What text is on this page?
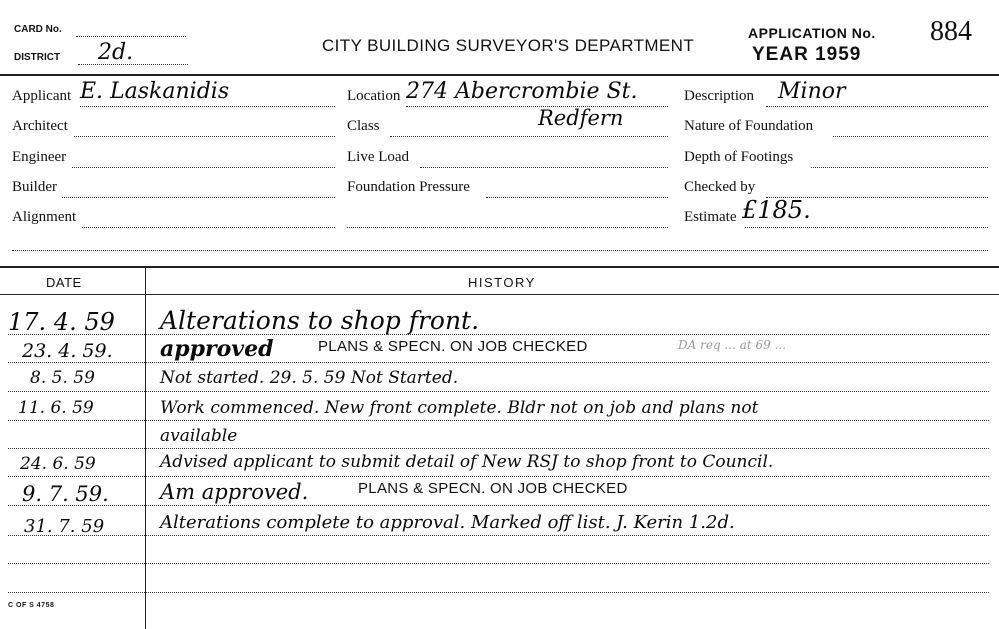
CARD No.
DISTRICT 2d.	CITY BUILDING SURVEYOR'S DEPARTMENT
APPLICATION No. 884
YEAR 1959
Applicant E. Laskanidis
Architect
Engineer
Builder
Alignment
Location 274 Abercrombie St.
Class	Redfern
Live Load
Foundation Pressure
Description Minor
Nature of Foundation
Depth of Footings
Checked by
Estimate £185.
DATE	HISTORY
17. 4. 59 Alterations to shop front.
23. 4. 59. approved	PLANS & SPECN. ON JOB CHECKED	DA req ... at 69 ...
8. 5. 59	Not started. 29. 5. 59 Not Started.
11. 6. 59	Work commenced. New front complete. Bldr not on job and plans not
available
24. 6. 59	Advised applicant to submit detail of New RSJ to shop front to Council.
9. 7. 59. Am approved.	PLANS & SPECN. ON JOB CHECKED
31. 7. 59	Alterations complete to approval. Marked off list. J. Kerin 1.2d.
C OF S 4758
